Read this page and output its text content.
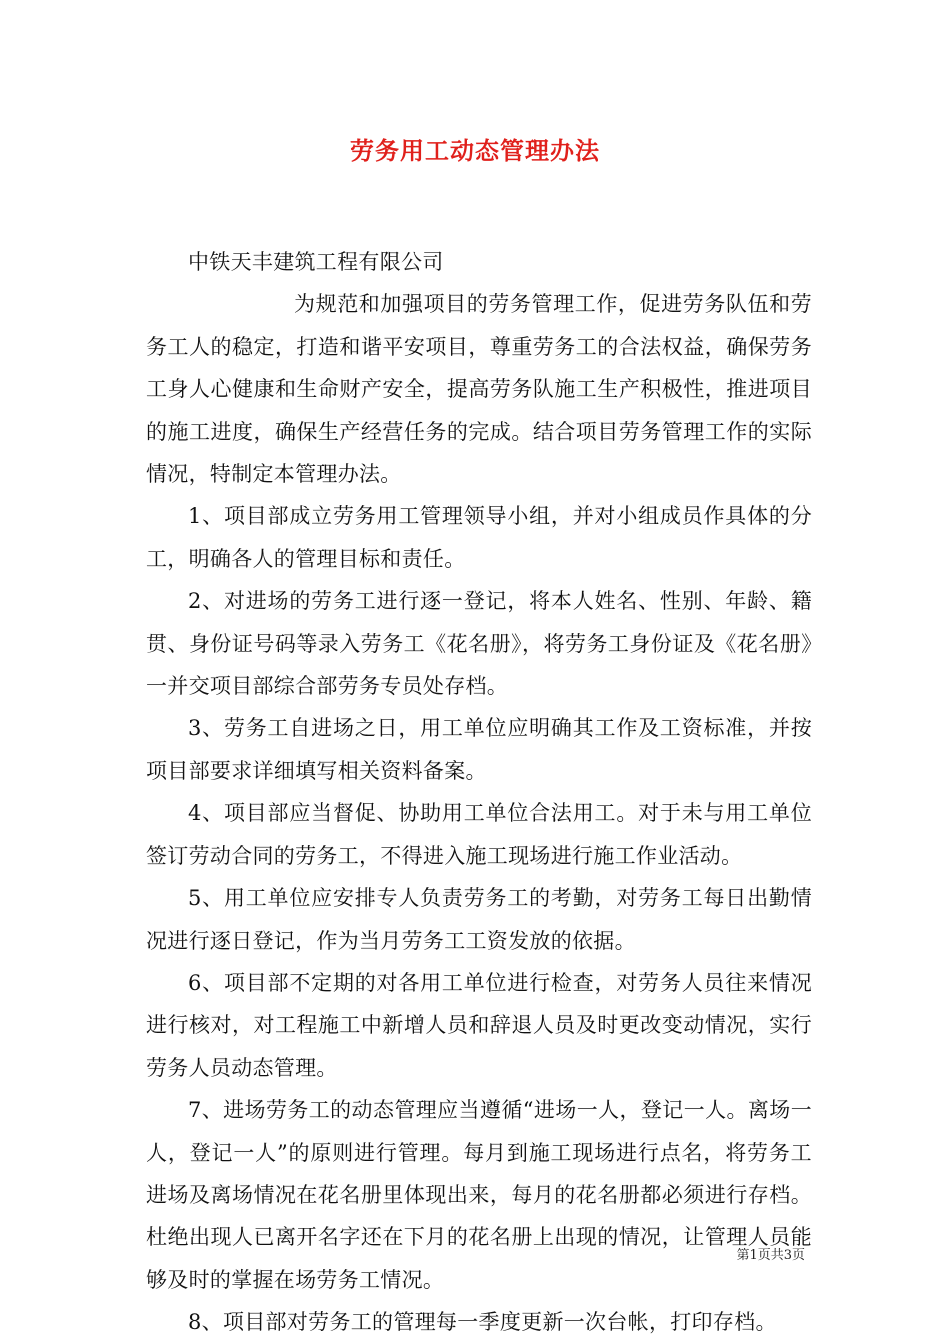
劳务用工动态管理办法

中铁天丰建筑工程有限公司

为规范和加强项目的劳务管理工作，促进劳务队伍和劳务工人的稳定，打造和谐平安项目，尊重劳务工的合法权益，确保劳务工身人心健康和生命财产安全，提高劳务队施工生产积极性，推进项目的施工进度，确保生产经营任务的完成。结合项目劳务管理工作的实际情况，特制定本管理办法。

1、项目部成立劳务用工管理领导小组，并对小组成员作具体的分工，明确各人的管理目标和责任。

2、对进场的劳务工进行逐一登记，将本人姓名、性别、年龄、籍贯、身份证号码等录入劳务工《花名册》，将劳务工身份证及《花名册》一并交项目部综合部劳务专员处存档。

3、劳务工自进场之日，用工单位应明确其工作及工资标准，并按项目部要求详细填写相关资料备案。

4、项目部应当督促、协助用工单位合法用工。对于未与用工单位签订劳动合同的劳务工，不得进入施工现场进行施工作业活动。

5、用工单位应安排专人负责劳务工的考勤，对劳务工每日出勤情况进行逐日登记，作为当月劳务工工资发放的依据。

6、项目部不定期的对各用工单位进行检查，对劳务人员往来情况进行核对，对工程施工中新增人员和辞退人员及时更改变动情况，实行劳务人员动态管理。

7、进场劳务工的动态管理应当遵循“进场一人，登记一人。离场一人，登记一人”的原则进行管理。每月到施工现场进行点名，将劳务工进场及离场情况在花名册里体现出来，每月的花名册都必须进行存档。杜绝出现人已离开名字还在下月的花名册上出现的情况，让管理人员能够及时的掌握在场劳务工情况。

8、项目部对劳务工的管理每一季度更新一次台帐，打印存档。

第1页共3页
